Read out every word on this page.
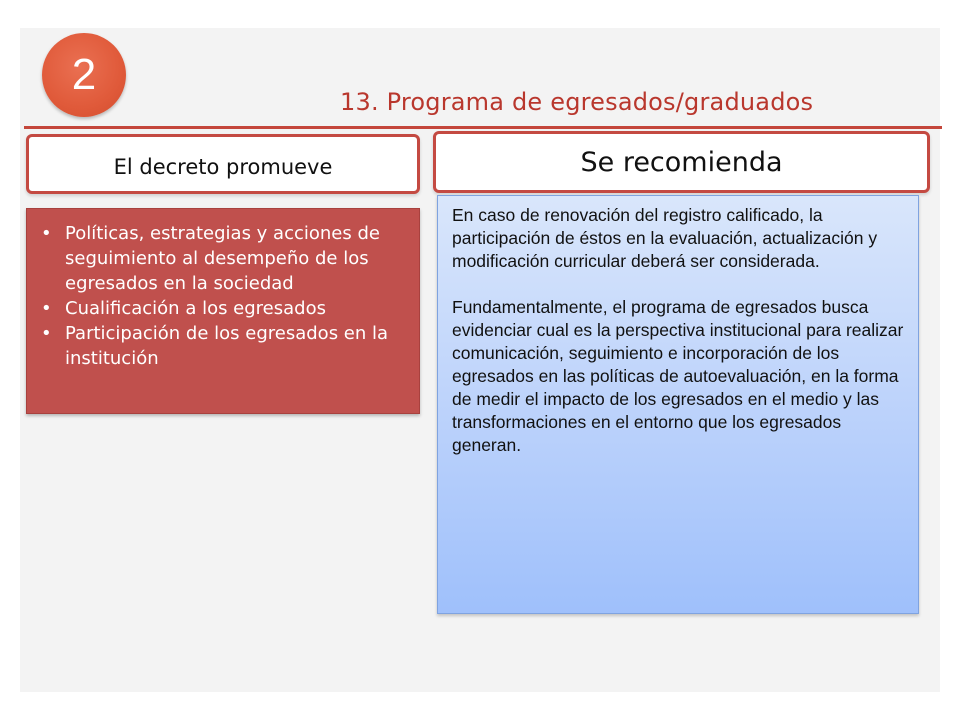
2
13. Programa de egresados/graduados
El decreto promueve	Se recomienda
• Políticas, estrategias y acciones de seguimiento al desempeño de los egresados en la sociedad
• Cualificación a los egresados
• Participación de los egresados en la institución

En caso de renovación del registro calificado, la participación de éstos en la evaluación, actualización y modificación curricular deberá ser considerada.

Fundamentalmente, el programa de egresados busca evidenciar cual es la perspectiva institucional para realizar comunicación, seguimiento e incorporación de los egresados en las políticas de autoevaluación, en la forma de medir el impacto de los egresados en el medio y las transformaciones en el entorno que los egresados generan.
